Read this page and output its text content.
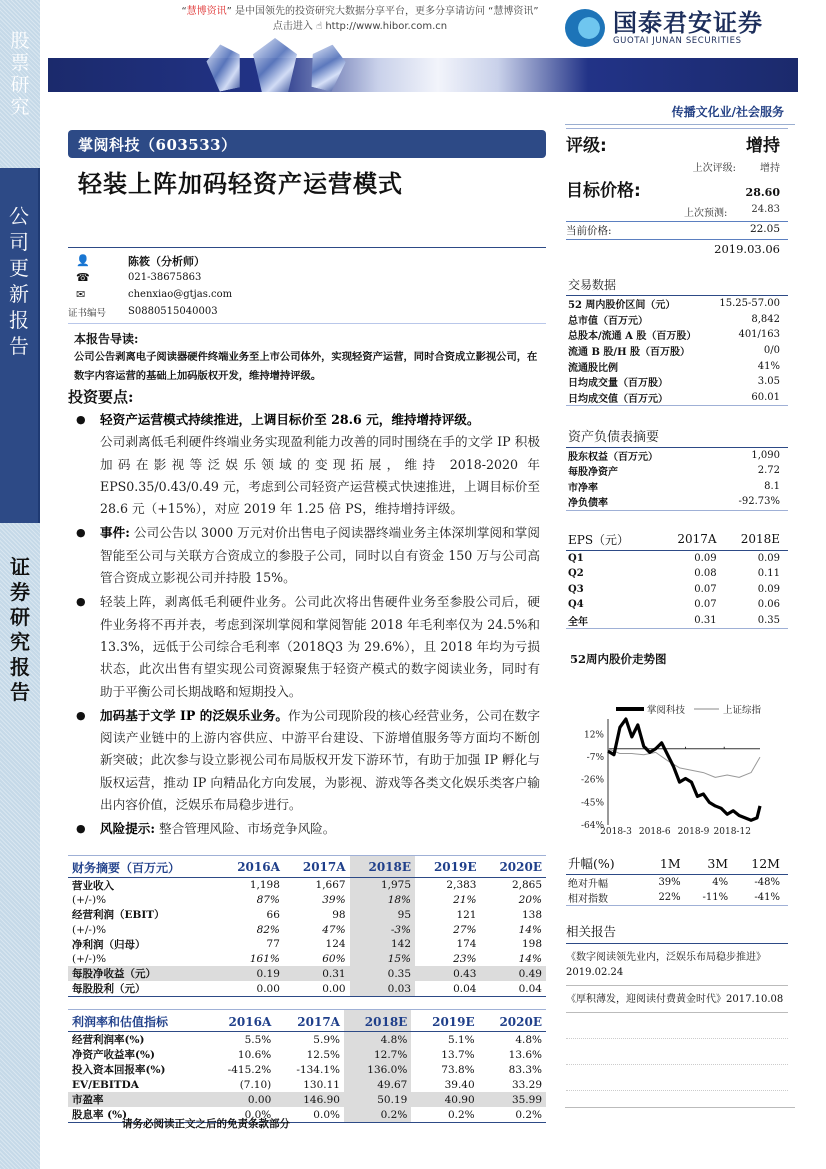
股
票
研
究
公
司
更
新
报
告
证
券
研
究
报
告
“慧博资讯” 是中国领先的投资研究大数据分享平台，更多分享请访问 “慧博资讯”
点击进入 ☝ http://www.hibor.com.cn	国泰君安证券
GUOTAI JUNAN SECURITIES
传播文化业/社会服务
掌阅科技（603533）
轻装上阵加码轻资产运营模式
👤	陈筱（分析师）
☎	021-38675863
✉	chenxiao@gtjas.com
证书编号	S0880515040003
本报告导读:

公司公告剥离电子阅读器硬件终端业务至上市公司体外，实现轻资产运营，同时合资成立影视公司，在数字内容运营的基础上加码版权开发，维持增持评级。

投资要点:
●	轻资产运营模式持续推进，上调目标价至 28.6 元，维持增持评级。
公司剥离低毛利硬件终端业务实现盈利能力改善的同时围绕在手的文学 IP 积极加码在影视等泛娱乐领域的变现拓展，维持 2018-2020 年 EPS0.35/0.43/0.49 元，考虑到公司轻资产运营模式快速推进，上调目标价至 28.6 元（+15%），对应 2019 年 1.25 倍 PS，维持增持评级。
●	事件: 公司公告以 3000 万元对价出售电子阅读器终端业务主体深圳掌阅和掌阅智能至公司与关联方合资成立的参股子公司，同时以自有资金 150 万与公司高管合资成立影视公司并持股 15%。
●	轻装上阵，剥离低毛利硬件业务。公司此次将出售硬件业务至参股公司后，硬件业务将不再并表，考虑到深圳掌阅和掌阅智能 2018 年毛利率仅为 24.5%和 13.3%，远低于公司综合毛利率（2018Q3 为 29.6%），且 2018 年均为亏损状态，此次出售有望实现公司资源聚焦于轻资产模式的数字阅读业务，同时有助于平衡公司长期战略和短期投入。
●	加码基于文学 IP 的泛娱乐业务。作为公司现阶段的核心经营业务，公司在数字阅读产业链中的上游内容供应、中游平台建设、下游增值服务等方面均不断创新突破；此次参与设立影视公司布局版权开发下游环节，有助于加强 IP 孵化与版权运营，推动 IP 向精品化方向发展，为影视、游戏等各类文化娱乐类客户输出内容价值，泛娱乐布局稳步进行。
●	风险提示: 整合管理风险、市场竞争风险。
财务摘要（百万元）	2016A	2017A	2018E	2019E	2020E
营业收入	1,198	1,667	1,975	2,383	2,865
(+/-)%	87%	39%	18%	21%	20%
经营利润（EBIT）	66	98	95	121	138
(+/-)%	82%	47%	-3%	27%	14%
净利润（归母）	77	124	142	174	198
(+/-)%	161%	60%	15%	23%	14%
每股净收益（元）	0.19	0.31	0.35	0.43	0.49
每股股利（元）	0.00	0.00	0.03	0.04	0.04
利润率和估值指标	2016A	2017A	2018E	2019E	2020E
经营利润率(%)	5.5%	5.9%	4.8%	5.1%	4.8%
净资产收益率(%)	10.6%	12.5%	12.7%	13.7%	13.6%
投入资本回报率(%)	-415.2%	-134.1%	136.0%	73.8%	83.3%
EV/EBITDA	(7.10)	130.11	49.67	39.40	33.29
市盈率	0.00	146.90	50.19	40.90	35.99
股息率 (%)	0.0%	0.0%	0.2%	0.2%	0.2%
评级:	增持
上次评级: 增持
目标价格:	28.60
上次预测: 24.83
当前价格:	22.05
2019.03.06
交易数据
52 周内股价区间（元）	15.25-57.00
总市值（百万元）	8,842
总股本/流通 A 股（百万股）	401/163
流通 B 股/H 股（百万股）	0/0
流通股比例	41%
日均成交量（百万股）	3.05
日均成交值（百万元）	60.01
资产负债表摘要
股东权益（百万元）	1,090
每股净资产	2.72
市净率	8.1
净负债率	-92.73%
EPS（元）	2017A	2018E
Q1	0.09	0.09
Q2	0.08	0.11
Q3	0.07	0.09
Q4	0.07	0.06
全年	0.31	0.35
52周内股价走势图
掌阅科技	上证综指
12%
-7%
-26%
-45%
-64%
2018-3 2018-6 2018-9 2018-12
升幅(%)	1M	3M	12M
绝对升幅	39%	4%	-48%
相对指数	22%	-11%	-41%
相关报告
《数字阅读领先业内，泛娱乐布局稳步推进》2019.02.24
《厚积薄发，迎阅读付费黄金时代》2017.10.08
请务必阅读正文之后的免责条款部分
